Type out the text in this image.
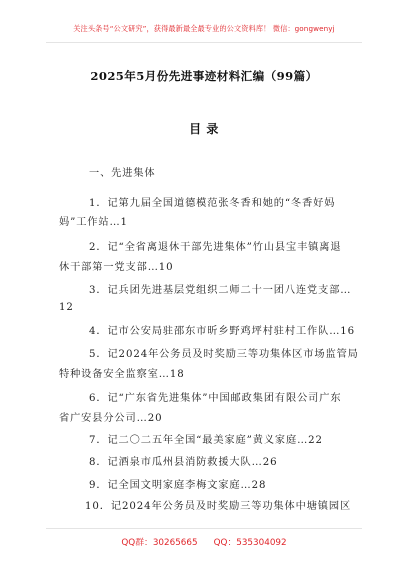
关注头条号“公文研究”，获得最新最全最专业的公文资料库！ 微信：gongwenyj
2025年5月份先进事迹材料汇编（99篇）
目 录
一、先进集体
1．记第九届全国道德模范张冬香和她的“冬香好妈
妈”工作站…1
2．记“全省离退休干部先进集体”竹山县宝丰镇离退
休干部第一党支部…10
3．记兵团先进基层党组织二师二十一团八连党支部…
12
4．记市公安局驻邵东市昕乡野鸡坪村驻村工作队…16
5．记2024年公务员及时奖励三等功集体区市场监管局
特种设备安全监察室…18
6．记“广东省先进集体”中国邮政集团有限公司广东
省广安县分公司…20
7．记二〇二五年全国“最美家庭”黄义家庭…22
8．记酒泉市瓜州县消防救援大队…26
9．记全国文明家庭李梅文家庭…28
10．记2024年公务员及时奖励三等功集体中塘镇园区
QQ群：30265665 QQ：535304092
